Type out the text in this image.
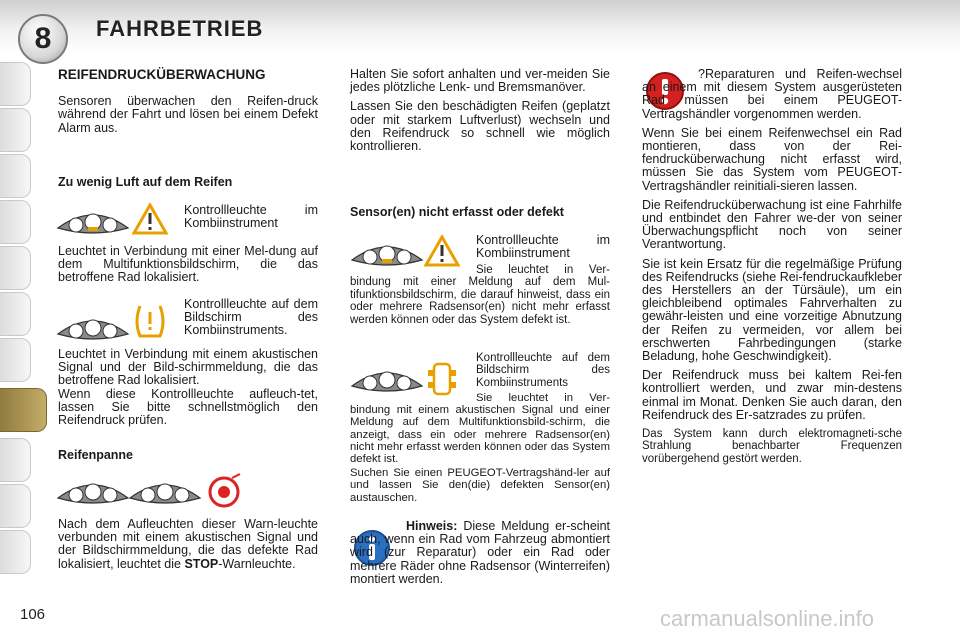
8	FAHRBETRIEB
106

REIFENDRUCKÜBERWACHUNG

Sensoren überwachen den Reifen-druck während der Fahrt und lösen bei einem Defekt Alarm aus.

Zu wenig Luft auf dem Reifen

Kontrollleuchte im Kombiinstrument

Leuchtet in Verbindung mit einer Mel-dung auf dem Multifunktionsbildschirm, die das betroffene Rad lokalisiert.

Kontrollleuchte auf dem Bildschirm des Kombiinstruments.

Leuchtet in Verbindung mit einem akustischen Signal und der Bild-schirmmeldung, die das betroffene Rad lokalisiert.

Wenn diese Kontrollleuchte aufleuch-tet, lassen Sie bitte schnellstmöglich den Reifendruck prüfen.

Reifenpanne

Nach dem Aufleuchten dieser Warn-leuchte verbunden mit einem akustischen Signal und der Bildschirmmeldung, die das defekte Rad lokalisiert, leuchtet die STOP-Warnleuchte.

Halten Sie sofort anhalten und ver-meiden Sie jedes plötzliche Lenk- und Bremsmanöver.

Lassen Sie den beschädigten Reifen (geplatzt oder mit starkem Luftverlust) wechseln und den Reifendruck so schnell wie möglich kontrollieren.

Sensor(en) nicht erfasst oder defekt

Kontrollleuchte im Kombiinstrument

Sie leuchtet in Ver-bindung mit einer Meldung auf dem Mul-tifunktionsbildschirm, die darauf hinweist, dass ein oder mehrere Radsensor(en) nicht mehr erfasst werden können oder das System defekt ist.

Kontrollleuchte auf dem Bildschirm des Kombiinstruments

Sie leuchtet in Ver-bindung mit einem akustischen Signal und einer Meldung auf dem Multifunktionsbild-schirm, die anzeigt, dass ein oder mehrere Radsensor(en) nicht mehr erfasst werden können oder das System defekt ist.

Suchen Sie einen PEUGEOT-Vertragshänd-ler auf und lassen Sie den(die) defekten Sensor(en) austauschen.

Hinweis: Diese Meldung er-scheint auch, wenn ein Rad vom Fahrzeug abmontiert wird (zur Reparatur) oder ein Rad oder mehrere Räder ohne Radsensor (Winterreifen) montiert werden.

?Reparaturen und Reifen-wechsel an einem mit diesem System ausgerüsteten Rad müssen bei einem PEUGEOT-Vertragshändler vorgenommen werden.

Wenn Sie bei einem Reifenwechsel ein Rad montieren, dass von der Rei-fendrucküberwachung nicht erfasst wird, müssen Sie das System vom PEUGEOT-Vertragshändler reinitiali-sieren lassen.

Die Reifendrucküberwachung ist eine Fahrhilfe und entbindet den Fahrer we-der von seiner Überwachungspflicht noch von seiner Verantwortung.

Sie ist kein Ersatz für die regelmäßige Prüfung des Reifendrucks (siehe Rei-fendruckaufkleber des Herstellers an der Türsäule), um ein gleichbleibend optimales Fahrverhalten zu gewähr-leisten und eine vorzeitige Abnutzung der Reifen zu vermeiden, vor allem bei erschwerten Fahrbedingungen (starke Beladung, hohe Geschwindigkeit).

Der Reifendruck muss bei kaltem Rei-fen kontrolliert werden, und zwar min-destens einmal im Monat. Denken Sie auch daran, den Reifendruck des Er-satzrades zu prüfen.

Das System kann durch elektromagneti-sche Strahlung benachbarter Frequenzen vorübergehend gestört werden.

carmanualsonline.info
